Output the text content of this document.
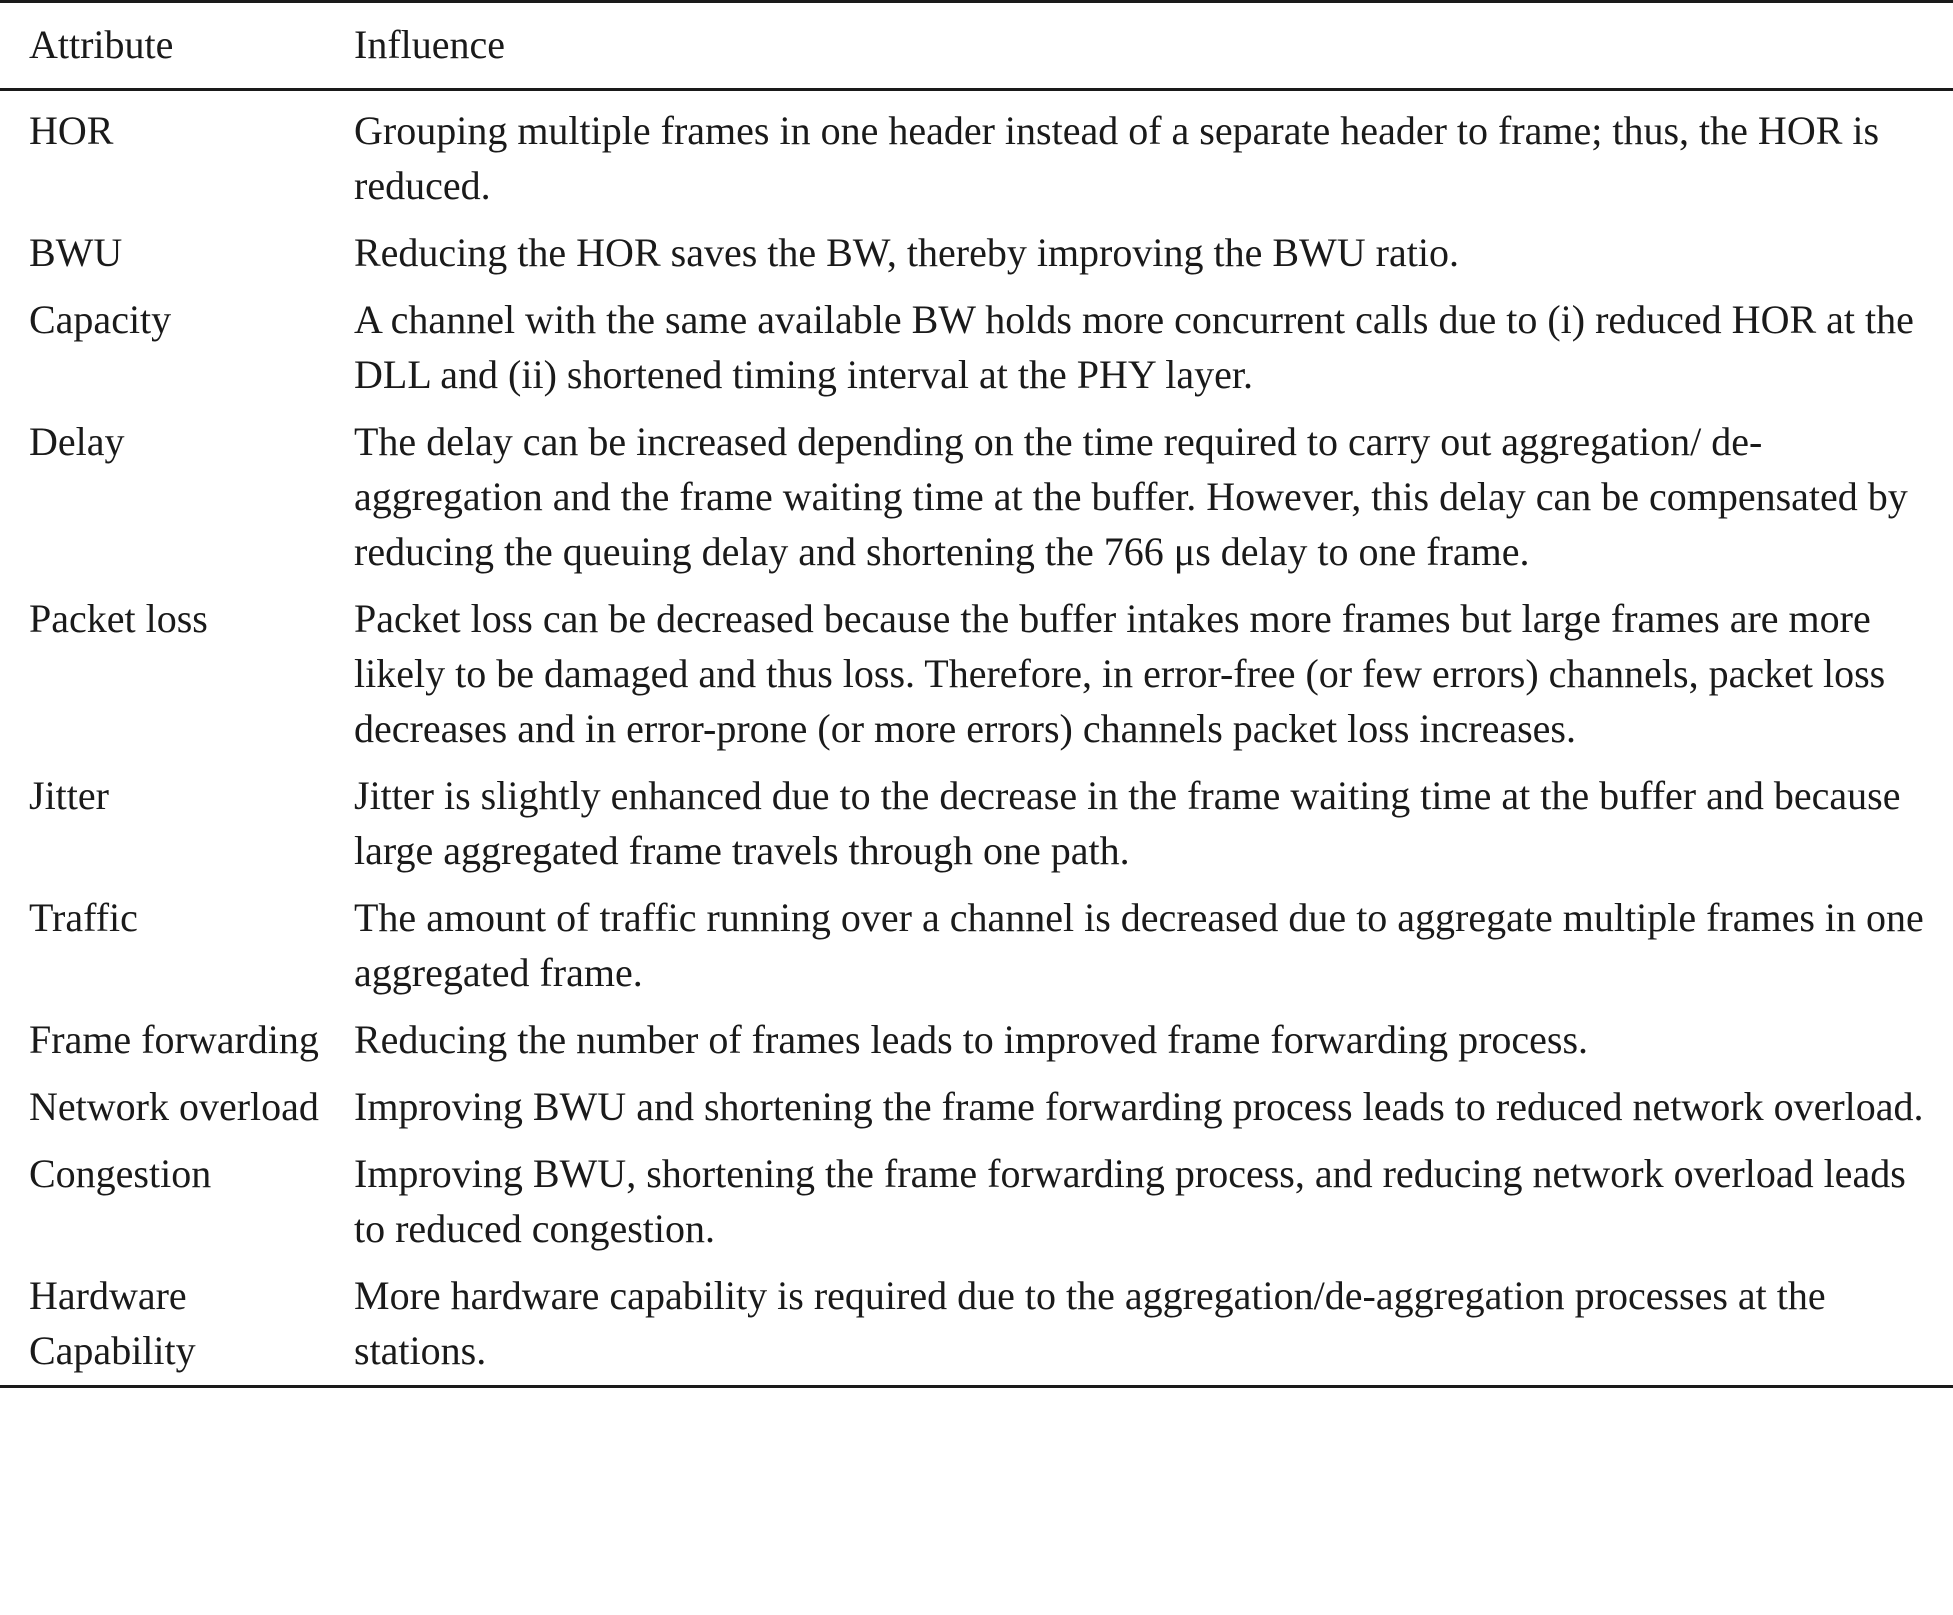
Attribute	Influence
HOR	Grouping multiple frames in one header instead of a separate header to frame; thus, the HOR is reduced.
BWU	Reducing the HOR saves the BW, thereby improving the BWU ratio.
Capacity	A channel with the same available BW holds more concurrent calls due to (i) reduced HOR at the DLL and (ii) shortened timing interval at the PHY layer.
Delay	The delay can be increased depending on the time required to carry out aggregation/ de-aggregation and the frame waiting time at the buffer. However, this delay can be compensated by reducing the queuing delay and shortening the 766 μs delay to one frame.
Packet loss	Packet loss can be decreased because the buffer intakes more frames but large frames are more likely to be damaged and thus loss. Therefore, in error-free (or few errors) channels, packet loss decreases and in error-prone (or more errors) channels packet loss increases.
Jitter	Jitter is slightly enhanced due to the decrease in the frame waiting time at the buffer and because large aggregated frame travels through one path.
Traffic	The amount of traffic running over a channel is decreased due to aggregate multiple frames in one aggregated frame.
Frame forwarding	Reducing the number of frames leads to improved frame forwarding process.
Network overload	Improving BWU and shortening the frame forwarding process leads to reduced network overload.
Congestion	Improving BWU, shortening the frame forwarding process, and reducing network overload leads to reduced congestion.
Hardware Capability	More hardware capability is required due to the aggregation/de-aggregation processes at the stations.
